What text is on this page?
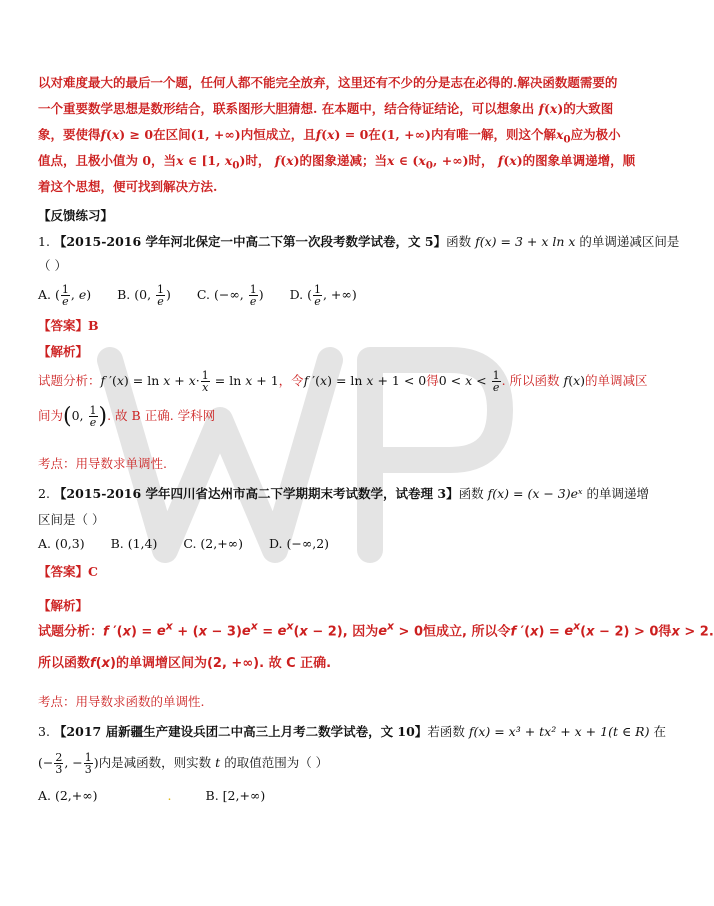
以对难度最大的最后一个题，任何人都不能完全放弃，这里还有不少的分是志在必得的.解决函数题需要的
一个重要数学思想是数形结合，联系图形大胆猜想. 在本题中，结合待证结论，可以想象出 f(x)的大致图
象，要使得f(x) ≥ 0在区间(1, +∞)内恒成立，且f(x) = 0在(1, +∞)内有唯一解，则这个解$x_0$应为极小
值点，且极小值为 0，当x ∈ [1, $x_0$)时， f(x)的图象递减；当x ∈ ($x_0$, +∞)时， f(x)的图象单调递增，顺
着这个思想，便可找到解决方法.
【反馈练习】
1. 【2015-2016 学年河北保定一中高二下第一次段考数学试卷，文 5】函数 f(x) = 3 + x ln x 的单调递减区间是
（ ）
A. ( $\frac{1}{e}$ , e) B. (0, $\frac{1}{e}$ ) C. (−∞, $\frac{1}{e}$ ) D. ( $\frac{1}{e}$ , +∞)
【答案】B
【解析】
试题分析：f $'(x) = \ln x + x\cdot \frac{1}{x} = \ln x + 1$，令f ′(x) = ln x + 1 < 0得$0 < x < \frac{1}{e}$ . 所以函数 f(x)的单调减区
间为(0, $\frac{1}{e}$ ). 故 B 正确. 学科网
考点：用导数求单调性.
2. 【2015-2016 学年四川省达州市高二下学期期末考试数学，试卷理 3】函数 f(x) = (x − 3)eˣ 的单调递增
区间是（ ）
A. (0,3) B. (1,4) C. (2,+∞) D. (−∞,2)
【答案】C
【解析】
试题分析：f $'(x) = e^x + (x - 3)e^x = e^x(x - 2)$, 因为$e^x > 0$恒成立, 所以令f $'(x) = e^x(x - 2) > 0$得x > 2.
所以函数f(x)的单调增区间为(2, +∞). 故 C 正确.
考点：用导数求函数的单调性.
3. 【2017 届新疆生产建设兵团二中高三上月考二数学试卷，文 10】若函数 f(x) = x³ + tx² + x + 1(t ∈ R) 在
(− $\frac{2}{3}$ , − $\frac{1}{3}$ )内是减函数，则实数 t 的取值范围为（ ）
A. (2,+∞)	.	B. [2,+∞)
